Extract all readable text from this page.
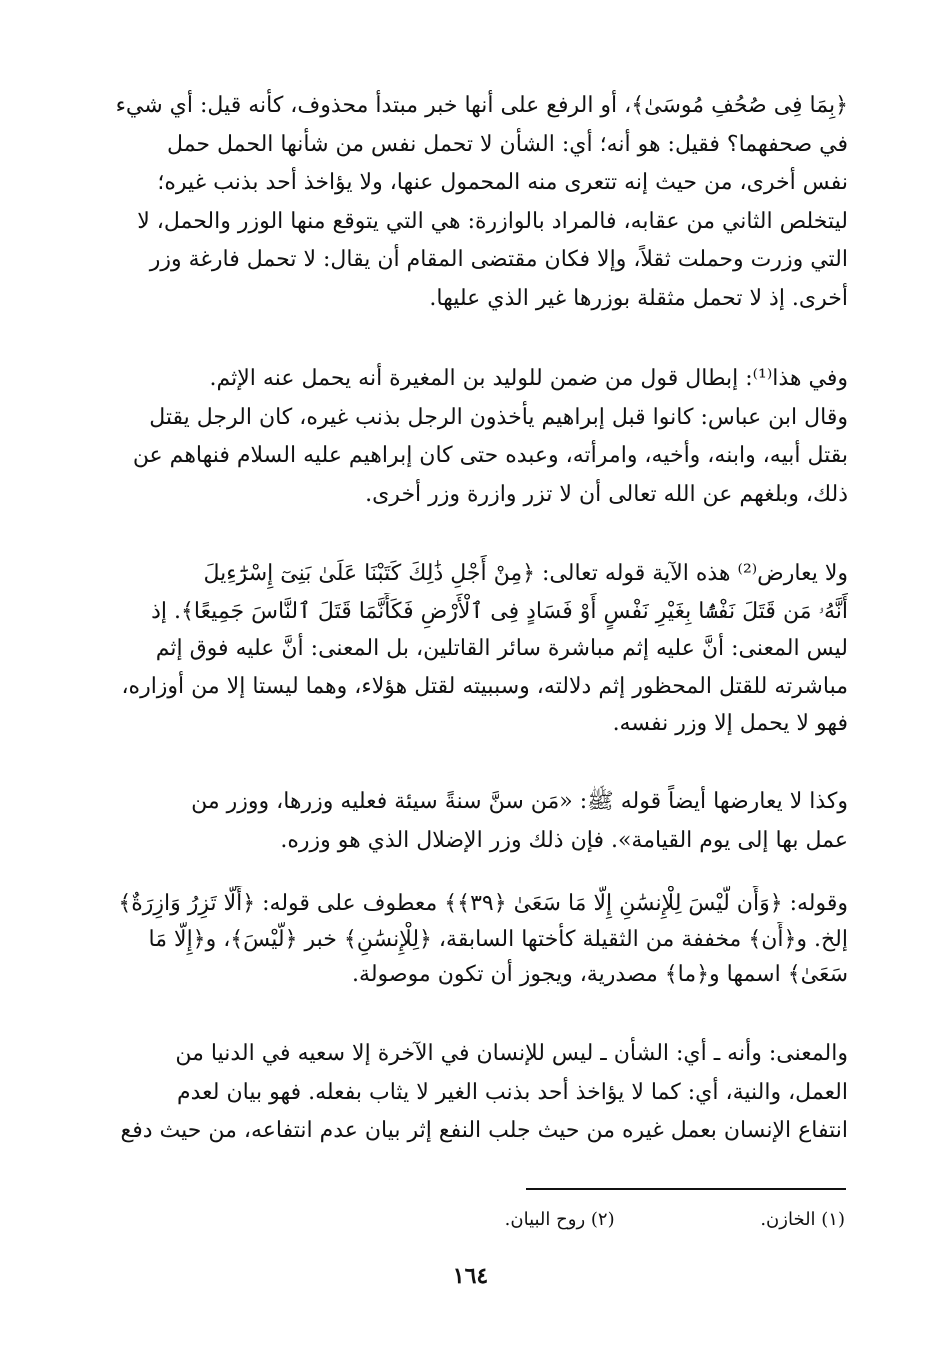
﴿بِمَا فِى صُحُفِ مُوسَىٰ﴾، أو الرفع على أنها خبر مبتدأ محذوف، كأنه قيل: أي شيء
في صحفهما؟ فقيل: هو أنه؛ أي: الشأن لا تحمل نفس من شأنها الحمل حمل
نفس أخرى، من حيث إنه تتعرى منه المحمول عنها، ولا يؤاخذ أحد بذنب غيره؛
ليتخلص الثاني من عقابه، فالمراد بالوازرة: هي التي يتوقع منها الوزر والحمل، لا
التي وزرت وحملت ثقلاً، وإلا فكان مقتضى المقام أن يقال: لا تحمل فارغة وزر
أخرى. إذ لا تحمل مثقلة بوزرها غير الذي عليها.
وفي هذا⁽¹⁾: إبطال قول من ضمن للوليد بن المغيرة أنه يحمل عنه الإثم.
وقال ابن عباس: كانوا قبل إبراهيم يأخذون الرجل بذنب غيره، كان الرجل يقتل
بقتل أبيه، وابنه، وأخيه، وامرأته، وعبده حتى كان إبراهيم عليه السلام فنهاهم عن
ذلك، وبلغهم عن الله تعالى أن لا تزر وازرة وزر أخرى.
ولا يعارض⁽²⁾ هذه الآية قوله تعالى: ﴿مِنْ أَجْلِ ذَٰلِكَ كَتَبْنَا عَلَىٰ بَنِىٓ إِسْرَٰٓءِيلَ
أَنَّهُۥ مَن قَتَلَ نَفْسًۢا بِغَيْرِ نَفْسٍ أَوْ فَسَادٍ فِى ٱلْأَرْضِ فَكَأَنَّمَا قَتَلَ ٱلنَّاسَ جَمِيعًا﴾. إذ
ليس المعنى: أنَّ عليه إثم مباشرة سائر القاتلين، بل المعنى: أنَّ عليه فوق إثم
مباشرته للقتل المحظور إثم دلالته، وسببيته لقتل هؤلاء، وهما ليستا إلا من أوزاره،
فهو لا يحمل إلا وزر نفسه.
وكذا لا يعارضها أيضاً قوله ﷺ: «مَن سنَّ سنةً سيئة فعليه وزرها، ووزر من
عمل بها إلى يوم القيامة». فإن ذلك وزر الإضلال الذي هو وزره.
وقوله: ﴿وَأَن لَّيْسَ لِلْإِنسَٰنِ إِلَّا مَا سَعَىٰ ﴿٣٩﴾﴾ معطوف على قوله: ﴿أَلَّا تَزِرُ وَازِرَةٌ﴾
إلخ. و﴿أَن﴾ مخففة من الثقيلة كأختها السابقة، ﴿لِلْإِنسَٰنِ﴾ خبر ﴿لَّيْسَ﴾، و﴿إِلَّا مَا
سَعَىٰ﴾ اسمها و﴿ما﴾ مصدرية، ويجوز أن تكون موصولة.
والمعنى: وأنه ـ أي: الشأن ـ ليس للإنسان في الآخرة إلا سعيه في الدنيا من
العمل، والنية، أي: كما لا يؤاخذ أحد بذنب الغير لا يثاب بفعله. فهو بيان لعدم
انتفاع الإنسان بعمل غيره من حيث جلب النفع إثر بيان عدم انتفاعه، من حيث دفع
(١) الخازن. (٢) روح البيان.
١٦٤
